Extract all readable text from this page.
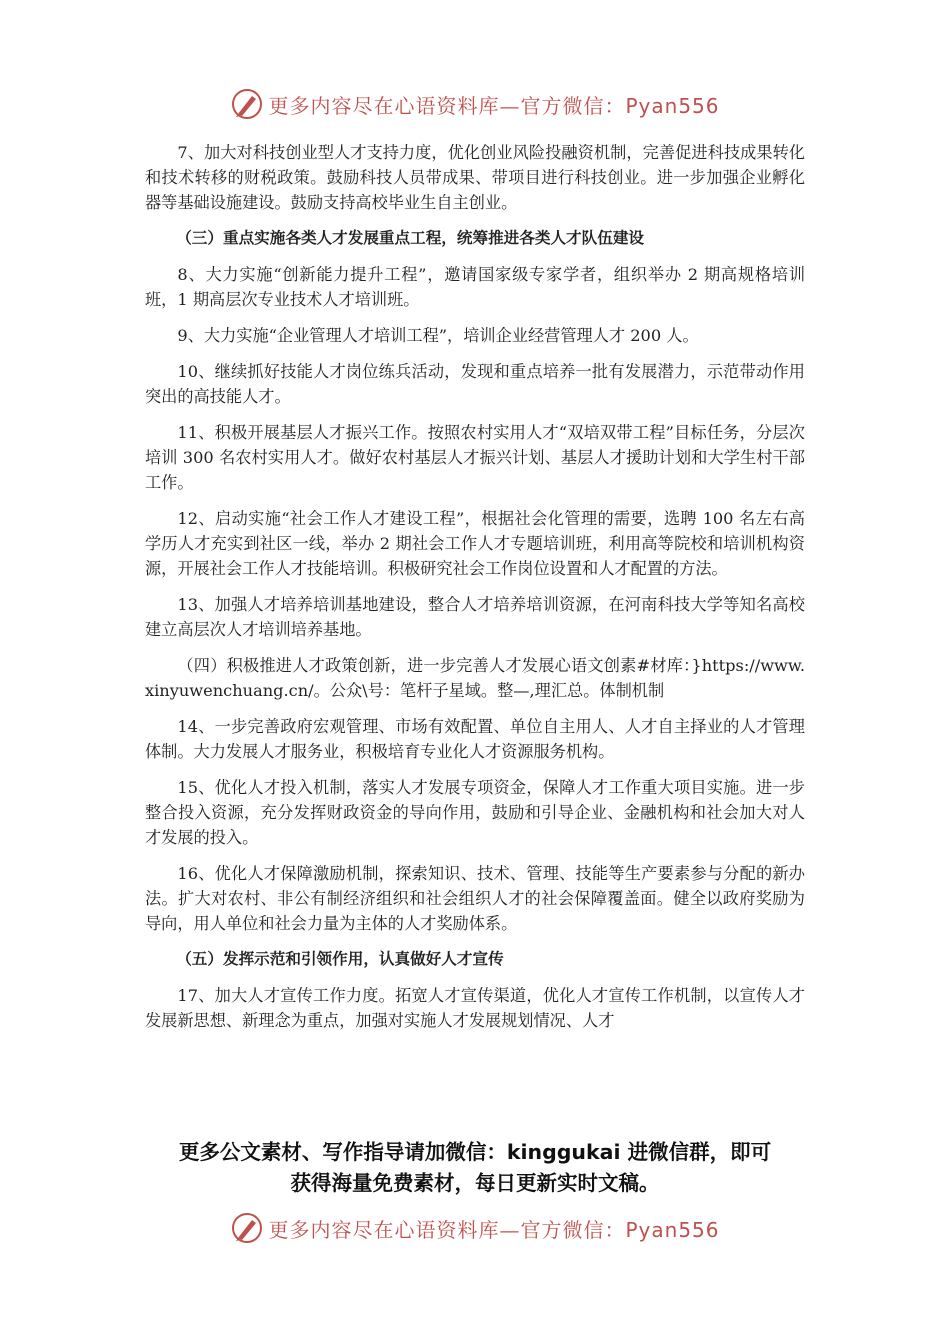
更多内容尽在心语资料库—官方微信：Pyan556

7、加大对科技创业型人才支持力度，优化创业风险投融资机制，完善促进科技成果转化和技术转移的财税政策。鼓励科技人员带成果、带项目进行科技创业。进一步加强企业孵化器等基础设施建设。鼓励支持高校毕业生自主创业。

（三）重点实施各类人才发展重点工程，统筹推进各类人才队伍建设

8、大力实施“创新能力提升工程”，邀请国家级专家学者，组织举办 2 期高规格培训班，1 期高层次专业技术人才培训班。

9、大力实施“企业管理人才培训工程”，培训企业经营管理人才 200 人。

10、继续抓好技能人才岗位练兵活动，发现和重点培养一批有发展潜力，示范带动作用突出的高技能人才。

11、积极开展基层人才振兴工作。按照农村实用人才“双培双带工程”目标任务，分层次培训 300 名农村实用人才。做好农村基层人才振兴计划、基层人才援助计划和大学生村干部工作。

12、启动实施“社会工作人才建设工程”，根据社会化管理的需要，选聘 100 名左右高学历人才充实到社区一线，举办 2 期社会工作人才专题培训班，利用高等院校和培训机构资源，开展社会工作人才技能培训。积极研究社会工作岗位设置和人才配置的方法。

13、加强人才培养培训基地建设，整合人才培养培训资源，在河南科技大学等知名高校建立高层次人才培训培养基地。

（四）积极推进人才政策创新，进一步完善人才发展心语文创素#材库：}https://www.xinyuwenchuang.cn/。公众\号：笔杆子星域。整—,理汇总。体制机制

14、一步完善政府宏观管理、市场有效配置、单位自主用人、人才自主择业的人才管理体制。大力发展人才服务业，积极培育专业化人才资源服务机构。

15、优化人才投入机制，落实人才发展专项资金，保障人才工作重大项目实施。进一步整合投入资源，充分发挥财政资金的导向作用，鼓励和引导企业、金融机构和社会加大对人才发展的投入。

16、优化人才保障激励机制，探索知识、技术、管理、技能等生产要素参与分配的新办法。扩大对农村、非公有制经济组织和社会组织人才的社会保障覆盖面。健全以政府奖励为导向，用人单位和社会力量为主体的人才奖励体系。

（五）发挥示范和引领作用，认真做好人才宣传

17、加大人才宣传工作力度。拓宽人才宣传渠道，优化人才宣传工作机制，以宣传人才发展新思想、新理念为重点，加强对实施人才发展规划情况、人才

更多公文素材、写作指导请加微信：kinggukai 进微信群，即可
获得海量免费素材，每日更新实时文稿。
更多内容尽在心语资料库—官方微信：Pyan556
